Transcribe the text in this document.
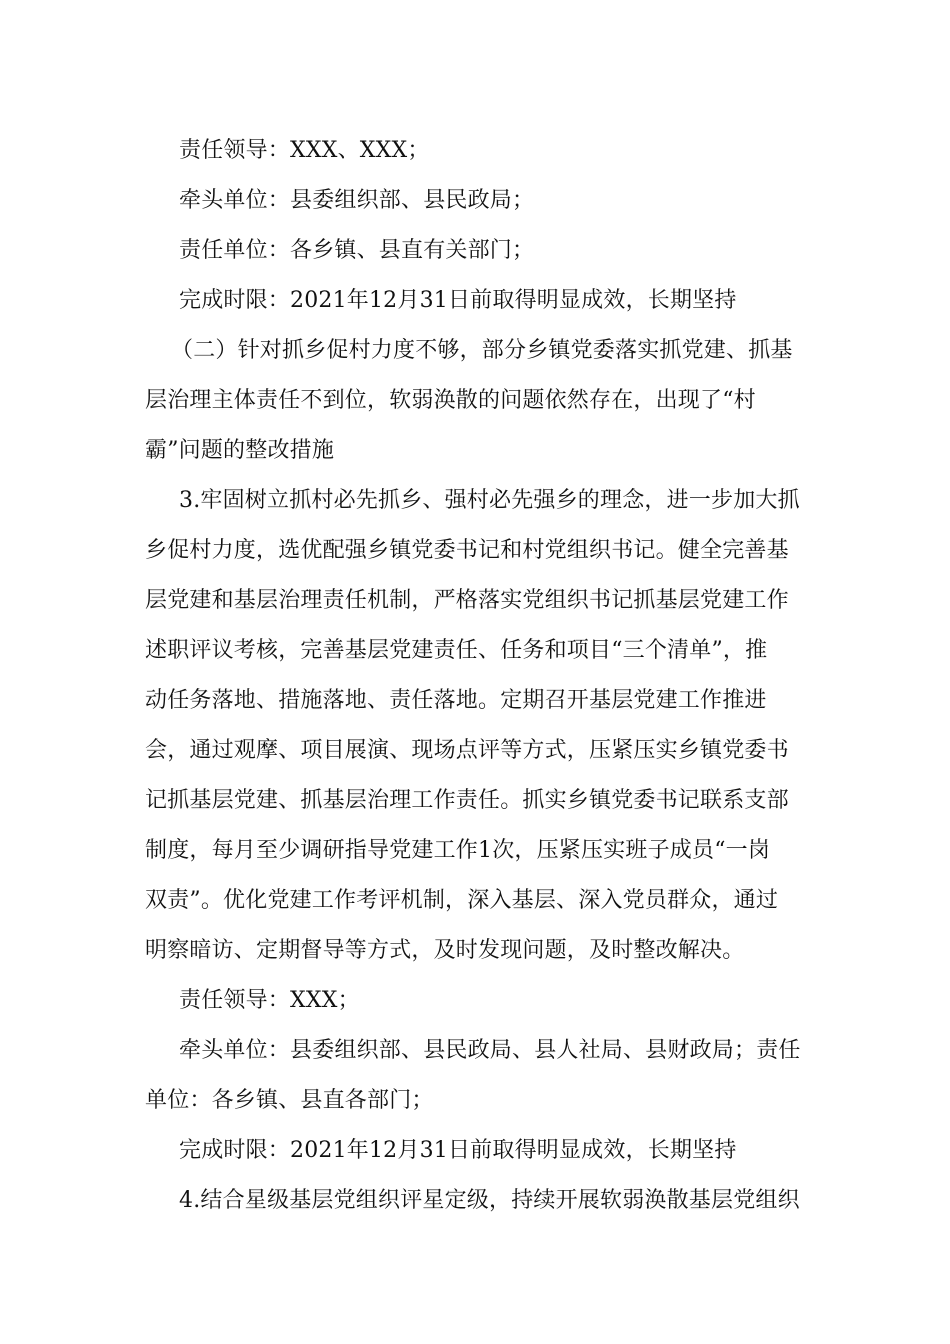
责任领导：XXX、XXX；
牵头单位：县委组织部、县民政局；
责任单位：各乡镇、县直有关部门；
完成时限：2021年12月31日前取得明显成效，长期坚持
（二）针对抓乡促村力度不够，部分乡镇党委落实抓党建、抓基
层治理主体责任不到位，软弱涣散的问题依然存在，出现了“村
霸”问题的整改措施
3.牢固树立抓村必先抓乡、强村必先强乡的理念，进一步加大抓
乡促村力度，选优配强乡镇党委书记和村党组织书记。健全完善基
层党建和基层治理责任机制，严格落实党组织书记抓基层党建工作
述职评议考核，完善基层党建责任、任务和项目“三个清单”，推
动任务落地、措施落地、责任落地。定期召开基层党建工作推进
会，通过观摩、项目展演、现场点评等方式，压紧压实乡镇党委书
记抓基层党建、抓基层治理工作责任。抓实乡镇党委书记联系支部
制度，每月至少调研指导党建工作1次，压紧压实班子成员“一岗
双责”。优化党建工作考评机制，深入基层、深入党员群众，通过
明察暗访、定期督导等方式，及时发现问题，及时整改解决。
责任领导：XXX；
牵头单位：县委组织部、县民政局、县人社局、县财政局；责任
单位：各乡镇、县直各部门；
完成时限：2021年12月31日前取得明显成效，长期坚持
4.结合星级基层党组织评星定级，持续开展软弱涣散基层党组织
